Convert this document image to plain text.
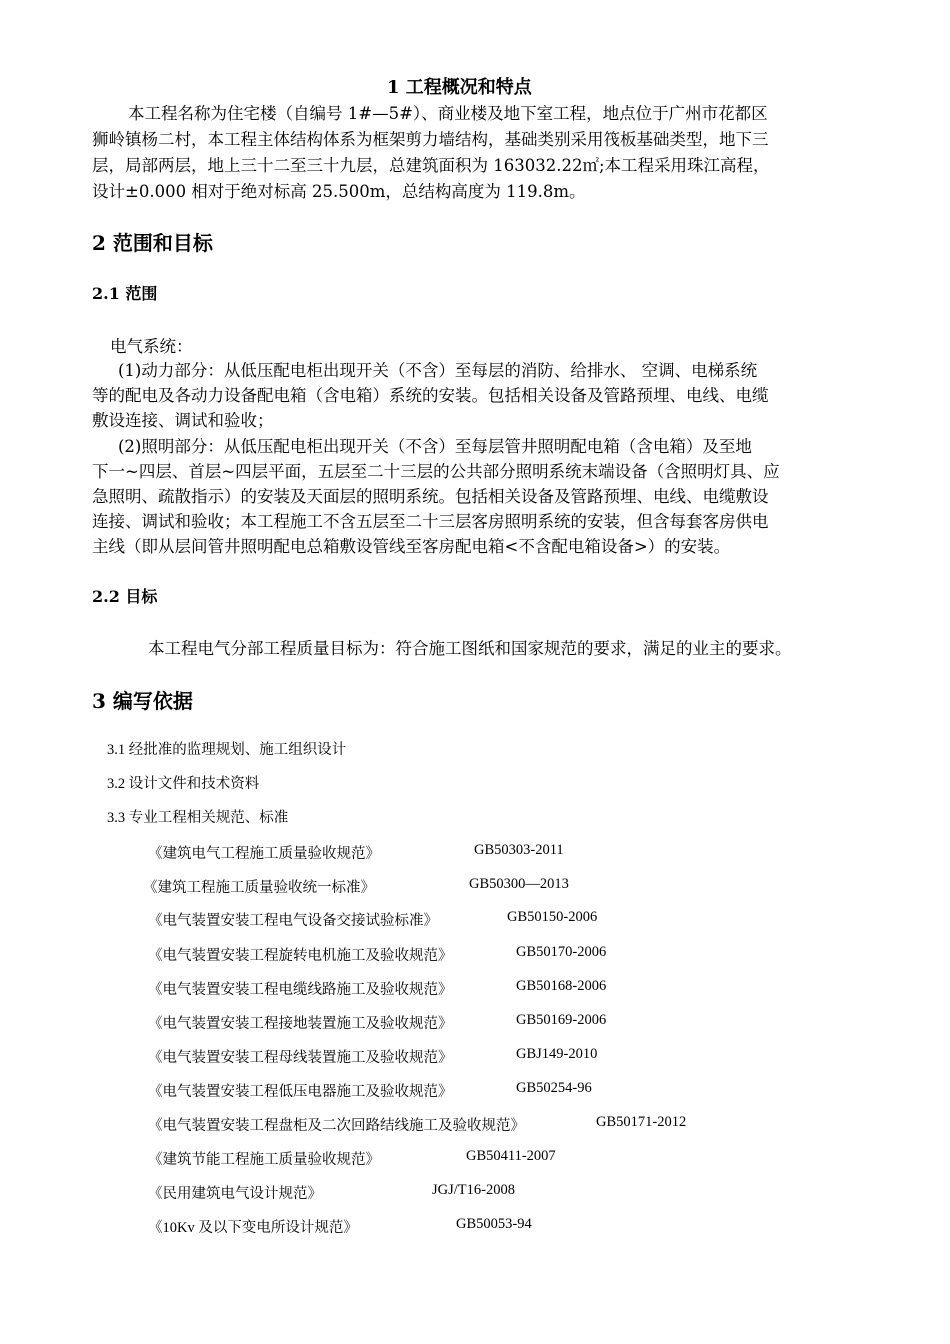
1 工程概况和特点
本工程名称为住宅楼（自编号 1#—5#）、商业楼及地下室工程，地点位于广州市花都区
狮岭镇杨二村，本工程主体结构体系为框架剪力墙结构，基础类别采用筏板基础类型，地下三
层，局部两层，地上三十二至三十九层，总建筑面积为 163032.22㎡;本工程采用珠江高程，
设计±0.000 相对于绝对标高 25.500m，总结构高度为 119.8m。
2 范围和目标
2.1 范围
电气系统：
(1)动力部分：从低压配电柜出现开关（不含）至每层的消防、给排水、 空调、电梯系统
等的配电及各动力设备配电箱（含电箱）系统的安装。包括相关设备及管路预埋、电线、电缆
敷设连接、调试和验收；
(2)照明部分：从低压配电柜出现开关（不含）至每层管井照明配电箱（含电箱）及至地
下一~四层、首层~四层平面，五层至二十三层的公共部分照明系统末端设备（含照明灯具、应
急照明、疏散指示）的安装及天面层的照明系统。包括相关设备及管路预埋、电线、电缆敷设
连接、调试和验收；本工程施工不含五层至二十三层客房照明系统的安装，但含每套客房供电
主线（即从层间管井照明配电总箱敷设管线至客房配电箱<不含配电箱设备>）的安装。
2.2 目标
本工程电气分部工程质量目标为：符合施工图纸和国家规范的要求，满足的业主的要求。
3 编写依据
3.1 经批准的监理规划、施工组织设计
3.2 设计文件和技术资料
3.3 专业工程相关规范、标准
《建筑电气工程施工质量验收规范》	GB50303-2011
《建筑工程施工质量验收统一标准》	GB50300—2013
《电气装置安装工程电气设备交接试验标准》	GB50150-2006
《电气装置安装工程旋转电机施工及验收规范》	GB50170-2006
《电气装置安装工程电缆线路施工及验收规范》	GB50168-2006
《电气装置安装工程接地装置施工及验收规范》	GB50169-2006
《电气装置安装工程母线装置施工及验收规范》	GBJ149-2010
《电气装置安装工程低压电器施工及验收规范》	GB50254-96
《电气装置安装工程盘柜及二次回路结线施工及验收规范》	GB50171-2012
《建筑节能工程施工质量验收规范》	GB50411-2007
《民用建筑电气设计规范》	JGJ/T16-2008
《10Kv 及以下变电所设计规范》	GB50053-94
